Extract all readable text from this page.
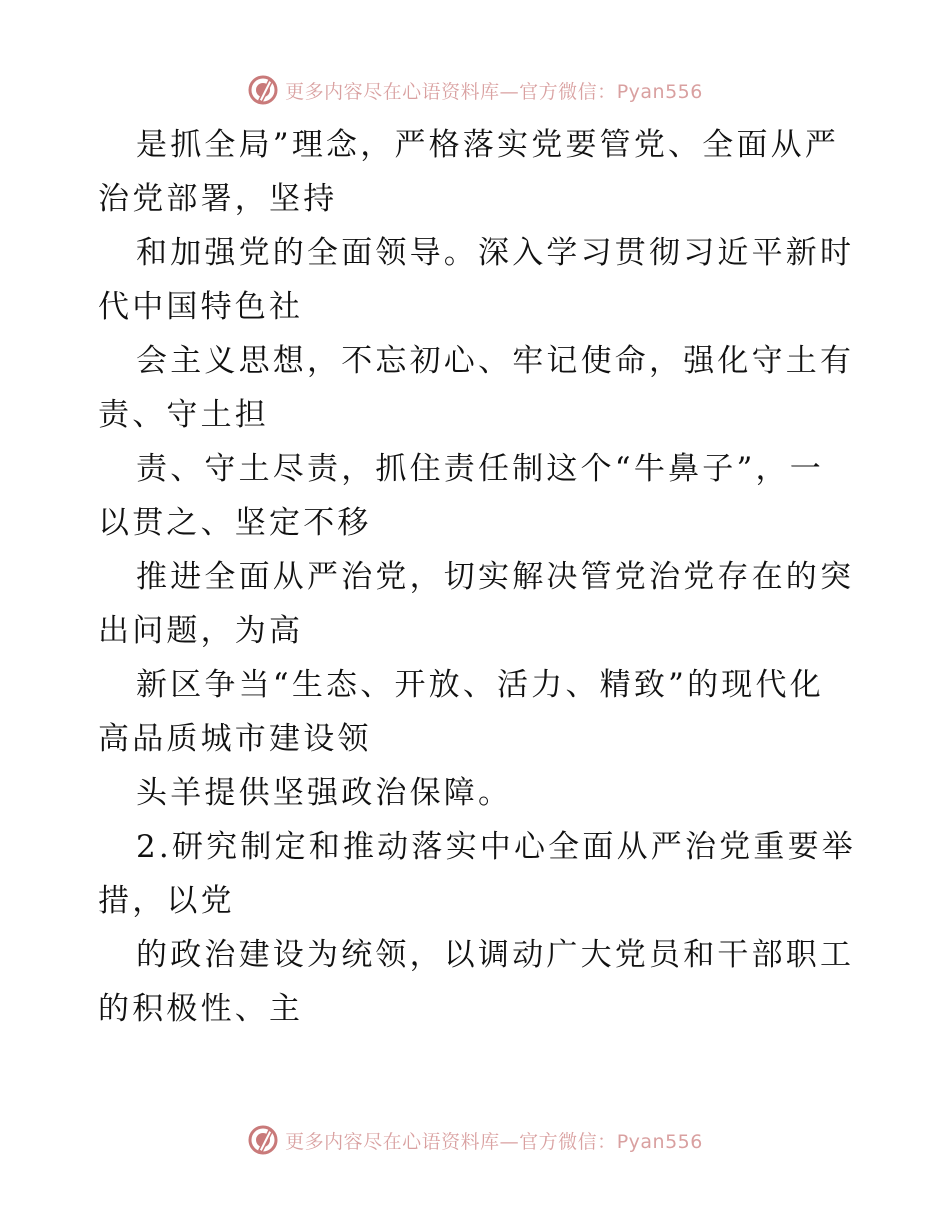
更多内容尽在心语资料库—官方微信：Pyan556

是抓全局”理念，严格落实党要管党、全面从严治党部署，坚持

和加强党的全面领导。深入学习贯彻习近平新时代中国特色社

会主义思想，不忘初心、牢记使命，强化守土有责、守土担

责、守土尽责，抓住责任制这个“牛鼻子”，一以贯之、坚定不移

推进全面从严治党，切实解决管党治党存在的突出问题，为高

新区争当“生态、开放、活力、精致”的现代化高品质城市建设领

头羊提供坚强政治保障。

2.研究制定和推动落实中心全面从严治党重要举措，以党

的政治建设为统领，以调动广大党员和干部职工的积极性、主

更多内容尽在心语资料库—官方微信：Pyan556
